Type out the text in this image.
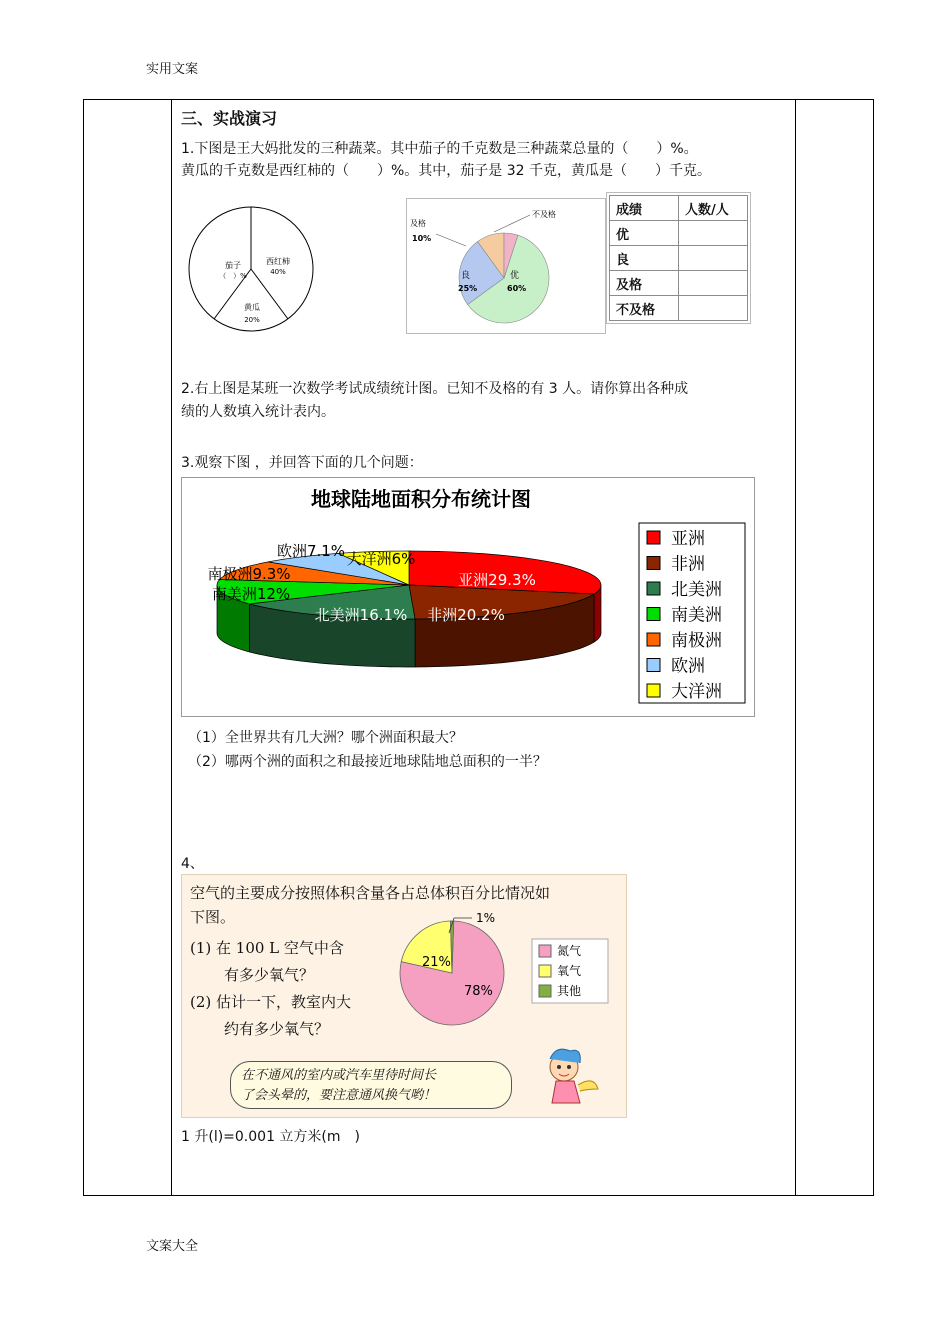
实用文案
三、实战演习

1.下图是王大妈批发的三种蔬菜。其中茄子的千克数是三种蔬菜总量的（　　）%。

黄瓜的千克数是西红柿的（　　）%。其中，茄子是 32 千克，黄瓜是（　　）千克。

茄子
（　）%
西红柿
40%
黄瓜
20%
及格
10%
不及格
良
25%
优
60%
成绩	人数/人
优	
良	
及格	
不及格	
2.右上图是某班一次数学考试成绩统计图。已知不及格的有 3 人。请你算出各种成
绩的人数填入统计表内。
3.观察下图 ，并回答下面的几个问题：
地球陆地面积分布统计图
亚洲29.3%
非洲20.2%
北美洲16.1%
南美洲12%
南极洲9.3%
欧洲7.1% 大洋洲6%
亚洲
非洲
北美洲
南美洲
南极洲
欧洲
大洋洲
（1）全世界共有几大洲？哪个洲面积最大？
（2）哪两个洲的面积之和最接近地球陆地总面积的一半？
4、
空气的主要成分按照体积含量各占总体积百分比情况如
下图。
(1) 在 100 L 空气中含
有多少氧气？
(2) 估计一下，教室内大
约有多少氧气？
78%
21%
1%
氮气
氧气
其他
在不通风的室内或汽车里待时间长
了会头晕的，要注意通风换气哟！
1 升(l)=0.001 立方米(m　)
文案大全
